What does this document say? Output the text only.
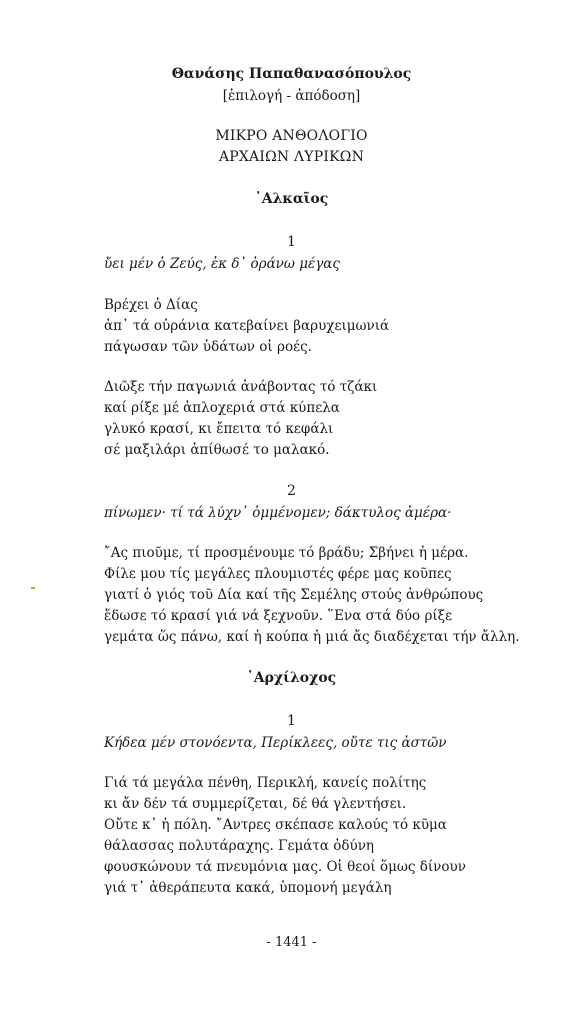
Θανάσης Παπαθανασόπουλος
[ἐπιλογή - ἀπόδοση]
ΜΙΚΡΟ ΑΝΘΟΛΟΓΙΟ
ΑΡΧΑΙΩΝ ΛΥΡΙΚΩΝ
᾿Αλκαῖος
1
ὔει μέν ὀ Ζεύς, ἐκ δ᾿ ὀράνω μέγας
Βρέχει ὁ Δίας
ἀπ᾿ τά οὐράνια κατεβαίνει βαρυχειμωνιά
πάγωσαν τῶν ὑδάτων οἱ ροές.
Διῶξε τήν παγωνιά ἀνάβοντας τό τζάκι
καί ρίξε μέ ἁπλοχεριά στά κύπελα
γλυκό κρασί, κι ἔπειτα τό κεφάλι
σέ μαξιλάρι ἀπίθωσέ το μαλακό.
2
πίνωμεν· τί τά λύχν᾿ ὀμμένομεν; δάκτυλος ἀμέρα·
῎Ας πιοῦμε, τί προσμένουμε τό βράδυ; Σβήνει ἡ μέρα.
Φίλε μου τίς μεγάλες πλουμιστές φέρε μας κοῦπες
γιατί ὁ γιός τοῦ Δία καί τῆς Σεμέλης στούς ἀνθρώπους
ἔδωσε τό κρασί γιά νά ξεχνοῦν. ῞Ενα στά δύο ρίξε
γεμάτα ὥς πάνω, καί ἡ κούπα ἡ μιά ἄς διαδέχεται τήν ἄλλη.
᾿Αρχίλοχος
1
Κήδεα μέν στονόεντα, Περίκλεες, οὔτε τις ἀστῶν
Γιά τά μεγάλα πένθη, Περικλή, κανείς πολίτης
κι ἄν δέν τά συμμερίζεται, δέ θά γλεντήσει.
Οὔτε κ᾿ ἡ πόλη. ῎Αντρες σκέπασε καλούς τό κῦμα
θάλασσας πολυτάραχης. Γεμάτα ὀδύνη
φουσκώνουν τά πνευμόνια μας. Οἱ θεοί ὅμως δίνουν
γιά τ᾿ ἀθεράπευτα κακά, ὑπομονή μεγάλη
- 1441 -
